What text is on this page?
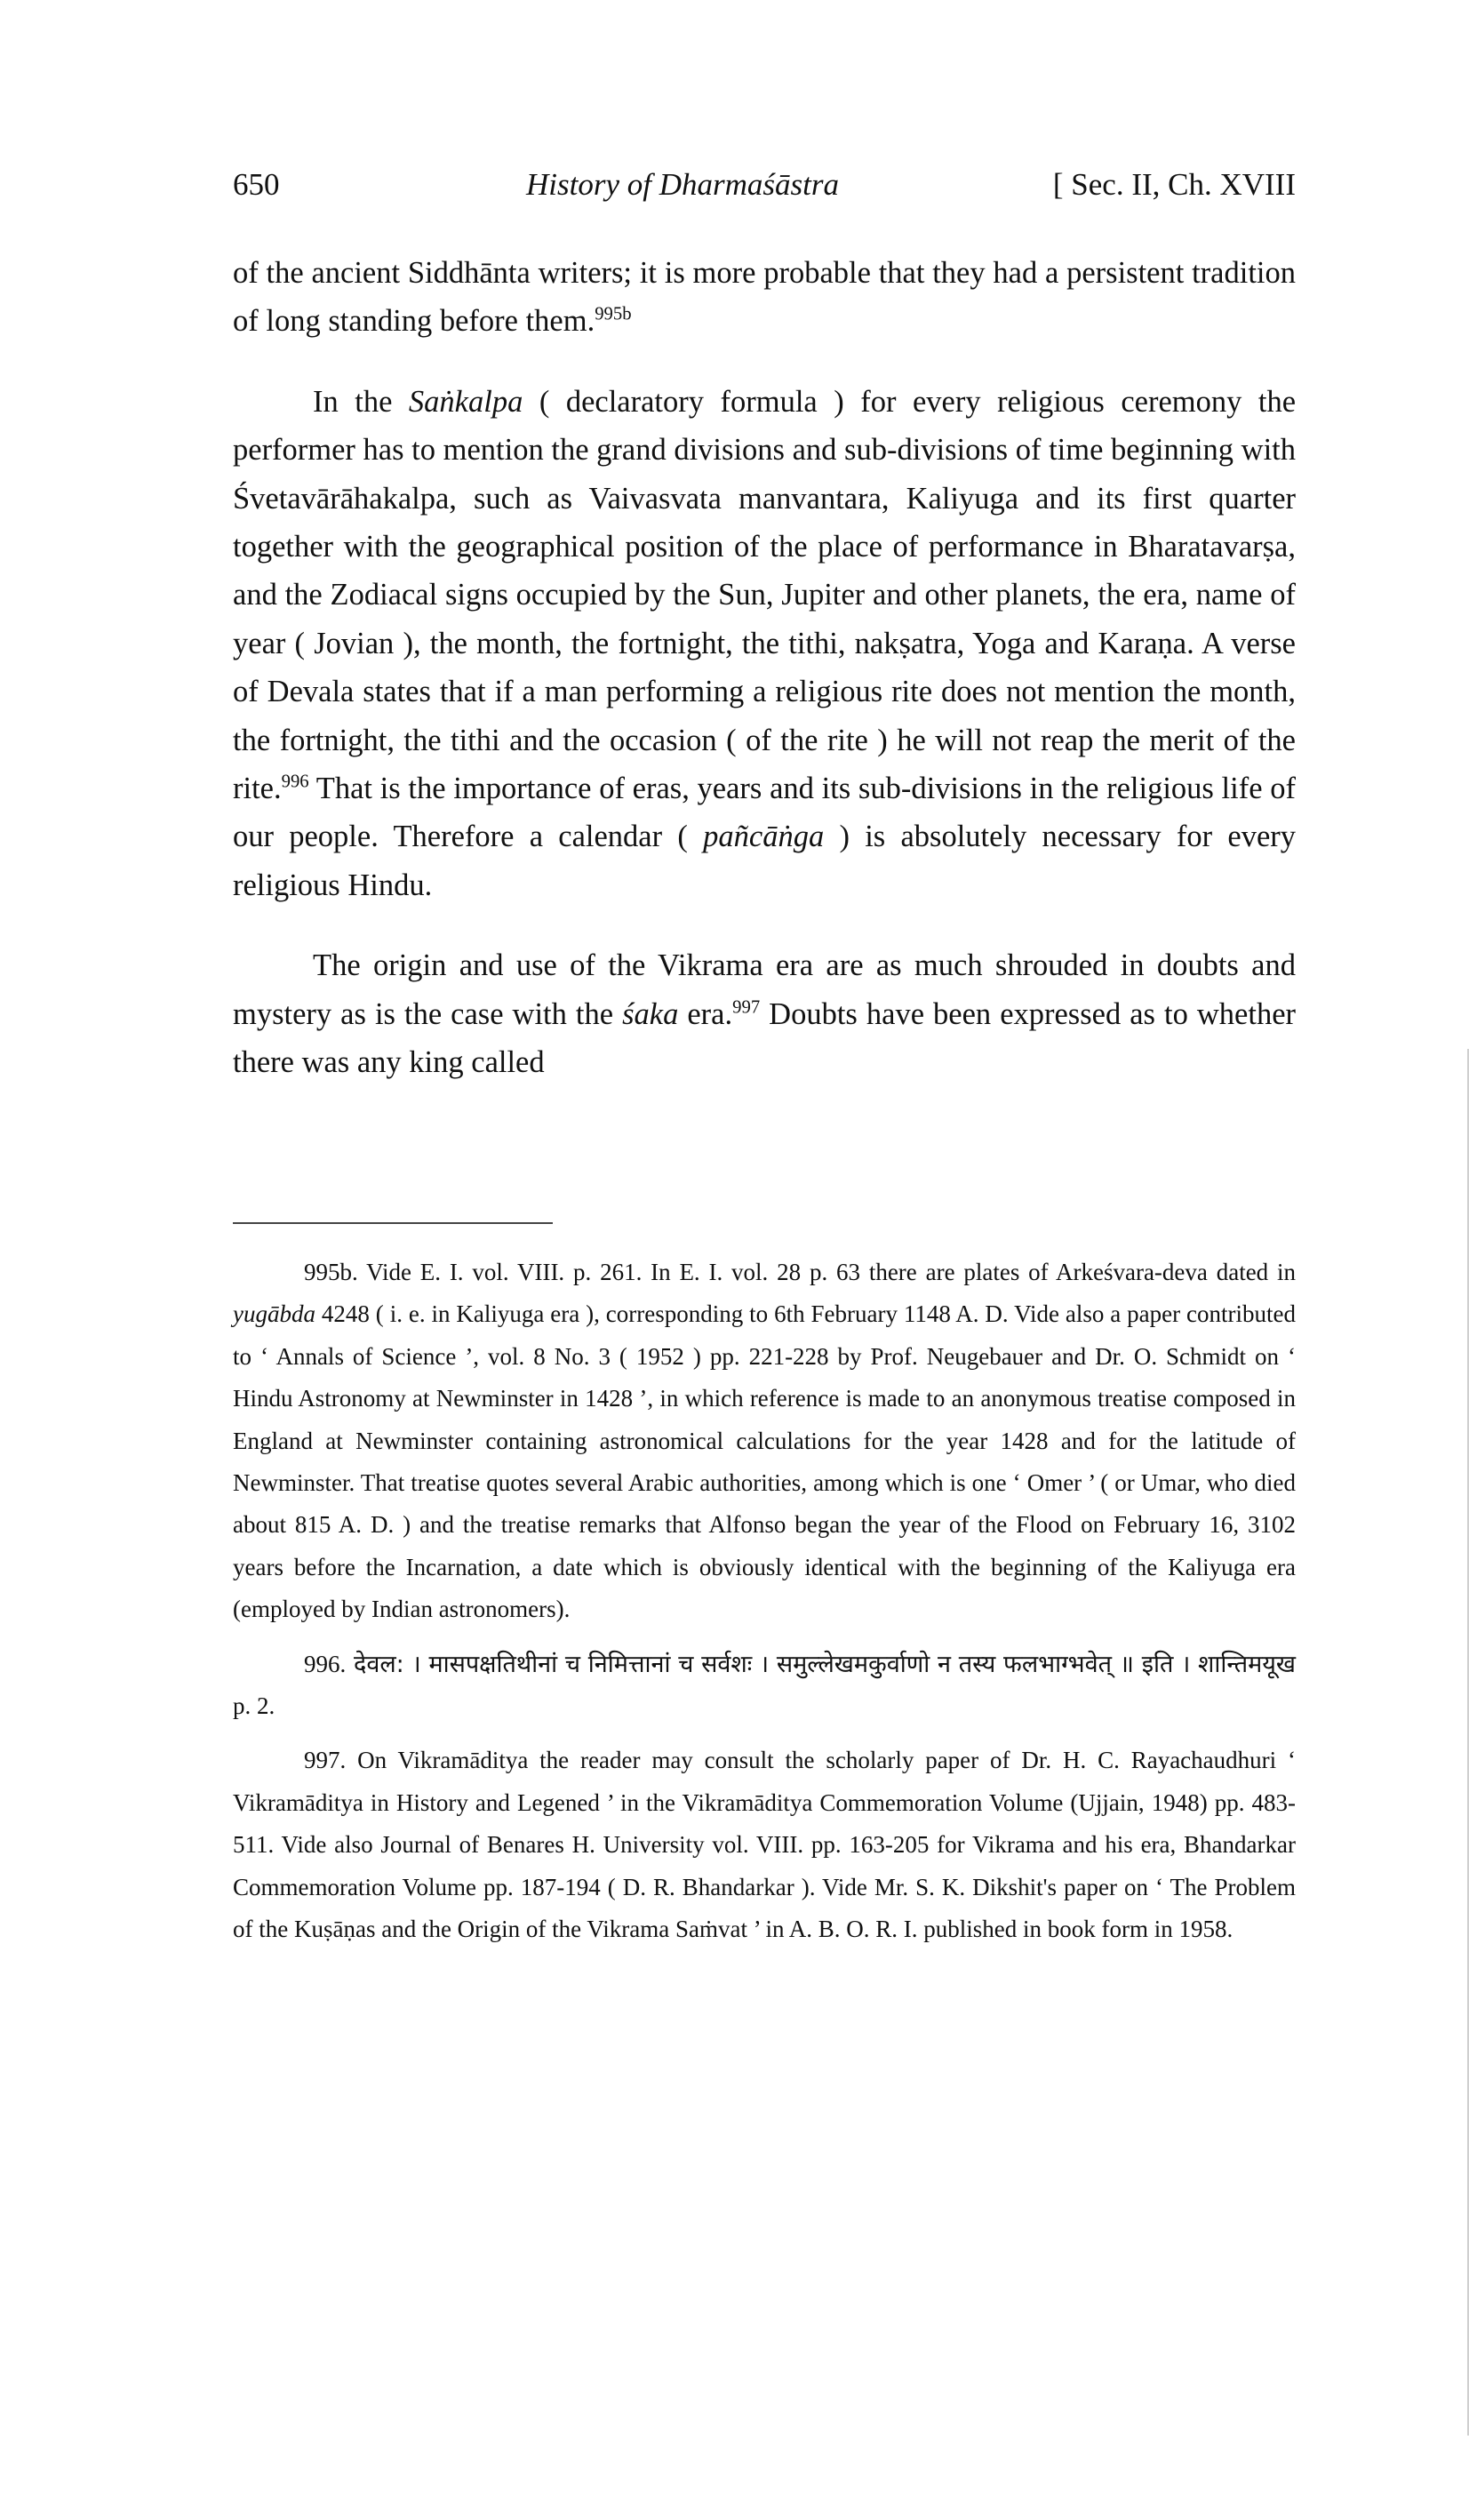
650	History of Dharmaśāstra	[ Sec. II, Ch. XVIII

of the ancient Siddhānta writers; it is more probable that they had a persistent tradition of long standing before them.$^{995b}$

In the Saṅkalpa ( declaratory formula ) for every religious ceremony the performer has to mention the grand divisions and sub-divisions of time beginning with Śvetavārāhakalpa, such as Vaivasvata manvantara, Kaliyuga and its first quarter together with the geographical position of the place of performance in Bharatavarṣa, and the Zodiacal signs occupied by the Sun, Jupiter and other planets, the era, name of year ( Jovian ), the month, the fortnight, the tithi, nakṣatra, Yoga and Karaṇa. A verse of Devala states that if a man performing a religious rite does not mention the month, the fortnight, the tithi and the occasion ( of the rite ) he will not reap the merit of the rite.$^{996}$ That is the importance of eras, years and its sub-divisions in the religious life of our people. Therefore a calendar ( pañcāṅga ) is absolutely necessary for every religious Hindu.

The origin and use of the Vikrama era are as much shrouded in doubts and mystery as is the case with the śaka era.$^{997}$ Doubts have been expressed as to whether there was any king called

995b. Vide E. I. vol. VIII. p. 261. In E. I. vol. 28 p. 63 there are plates of Arkeśvara-deva dated in yugābda 4248 ( i. e. in Kaliyuga era ), corresponding to 6th February 1148 A. D. Vide also a paper contributed to ‘ Annals of Science ’, vol. 8 No. 3 ( 1952 ) pp. 221-228 by Prof. Neugebauer and Dr. O. Schmidt on ‘ Hindu Astronomy at Newminster in 1428 ’, in which reference is made to an anonymous treatise composed in England at Newminster containing astronomical calculations for the year 1428 and for the latitude of Newminster. That treatise quotes several Arabic authorities, among which is one ‘ Omer ’ ( or Umar, who died about 815 A. D. ) and the treatise remarks that Alfonso began the year of the Flood on February 16, 3102 years before the Incarnation, a date which is obviously identical with the beginning of the Kaliyuga era (employed by Indian astronomers).

996. देवल: । मासपक्षतिथीनां च निमित्तानां च सर्वशः । समुल्लेखमकुर्वाणो न तस्य फलभाग्भवेत् ॥ इति । शान्तिमयूख p. 2.

997. On Vikramāditya the reader may consult the scholarly paper of Dr. H. C. Rayachaudhuri ‘ Vikramāditya in History and Legened ’ in the Vikramāditya Commemoration Volume (Ujjain, 1948) pp. 483-511. Vide also Journal of Benares H. University vol. VIII. pp. 163-205 for Vikrama and his era, Bhandarkar Commemoration Volume pp. 187-194 ( D. R. Bhandarkar ). Vide Mr. S. K. Dikshit's paper on ‘ The Problem of the Kuṣāṇas and the Origin of the Vikrama Saṁvat ’ in A. B. O. R. I. published in book form in 1958.
